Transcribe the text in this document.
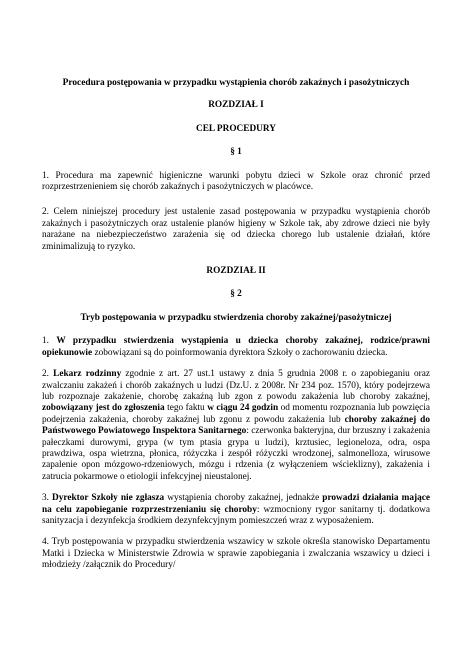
Procedura postępowania w przypadku wystąpienia chorób zakaźnych i pasożytniczych
ROZDZIAŁ I
CEL PROCEDURY
§ 1
1. Procedura ma zapewnić higieniczne warunki pobytu dzieci w Szkole oraz chronić przed rozprzestrzenieniem się chorób zakaźnych i pasożytniczych w placówce.
2. Celem niniejszej procedury jest ustalenie zasad postępowania w przypadku wystąpienia chorób zakaźnych i pasożytniczych oraz ustalenie planów higieny w Szkole tak, aby zdrowe dzieci nie były narażane na niebezpieczeństwo zarażenia się od dziecka chorego lub ustalenie działań, które zminimalizują to ryzyko.
ROZDZIAŁ II
§ 2
Tryb postępowania w przypadku stwierdzenia choroby zakaźnej/pasożytniczej
1. W przypadku stwierdzenia wystąpienia u dziecka choroby zakaźnej, rodzice/prawni opiekunowie zobowiązani są do poinformowania dyrektora Szkoły o zachorowaniu dziecka.
2. Lekarz rodzinny zgodnie z art. 27 ust.1 ustawy z dnia 5 grudnia 2008 r. o zapobieganiu oraz zwalczaniu zakażeń i chorób zakaźnych u ludzi (Dz.U. z 2008r. Nr 234 poz. 1570), który podejrzewa lub rozpoznaje zakażenie, chorobę zakaźną lub zgon z powodu zakażenia lub choroby zakaźnej, zobowiązany jest do zgłoszenia tego faktu w ciągu 24 godzin od momentu rozpoznania lub powzięcia podejrzenia zakażenia, choroby zakaźnej lub zgonu z powodu zakażenia lub choroby zakaźnej do Państwowego Powiatowego Inspektora Sanitarnego: czerwonka bakteryjna, dur brzuszny i zakażenia pałeczkami durowymi, grypa (w tym ptasia grypa u ludzi), krztusiec, legioneloza, odra, ospa prawdziwa, ospa wietrzna, płonica, różyczka i zespół różyczki wrodzonej, salmonelloza, wirusowe zapalenie opon mózgowo-rdzeniowych, mózgu i rdzenia (z wyłączeniem wścieklizny), zakażenia i zatrucia pokarmowe o etiologii infekcyjnej nieustalonej.
3. Dyrektor Szkoły nie zgłasza wystąpienia choroby zakaźnej, jednakże prowadzi działania mające na celu zapobieganie rozprzestrzenianiu się choroby: wzmocniony rygor sanitarny tj. dodatkowa sanityzacja i dezynfekcja środkiem dezynfekcyjnym pomieszczeń wraz z wyposażeniem.
4. Tryb postępowania w przypadku stwierdzenia wszawicy w szkole określa stanowisko Departamentu Matki i Dziecka w Ministerstwie Zdrowia w sprawie zapobiegania i zwalczania wszawicy u dzieci i młodzieży /załącznik do Procedury/
